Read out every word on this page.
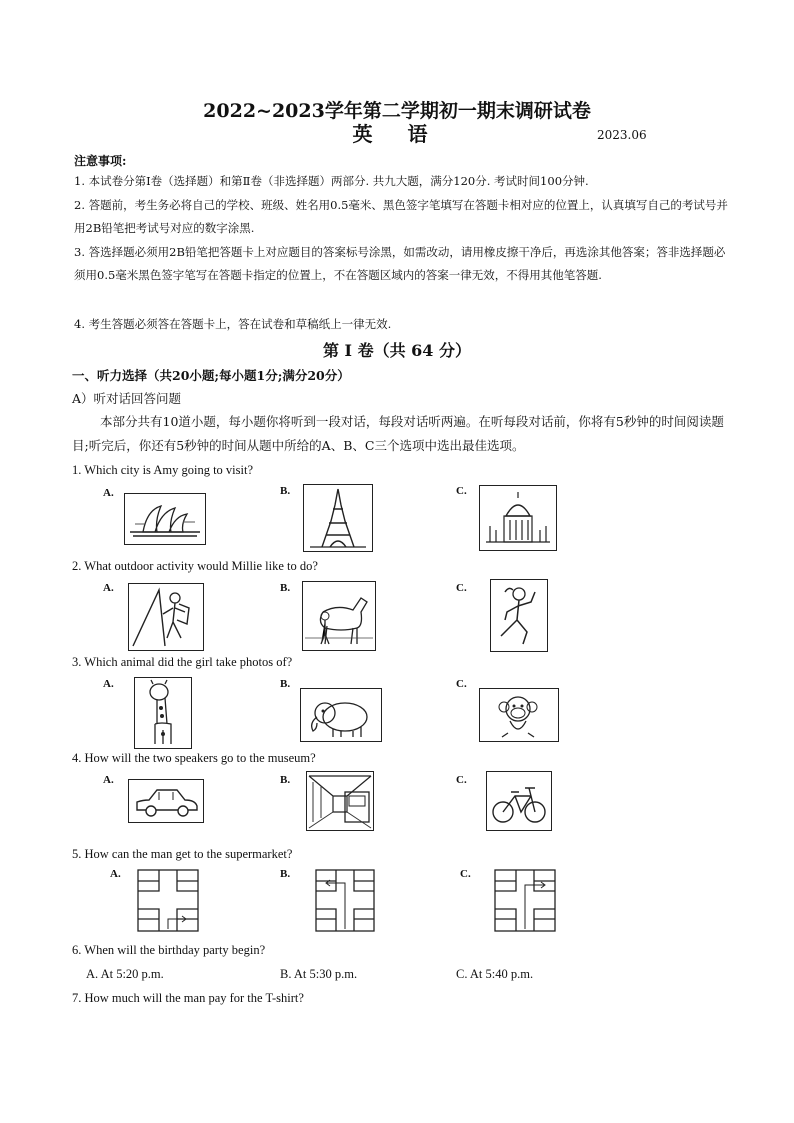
2022~2023学年第二学期初一期末调研试卷
英 语	2023.06
注意事项:
1. 本试卷分第Ⅰ卷（选择题）和第Ⅱ卷（非选择题）两部分. 共九大题，满分120分. 考试时间100分钟.
2. 答题前，考生务必将自己的学校、班级、姓名用0.5毫米、黑色签字笔填写在答题卡相对应的位置上，认真填写自己的考试号并用2B铅笔把考试号对应的数字涂黑.
3. 答选择题必须用2B铅笔把答题卡上对应题目的答案标号涂黑，如需改动，请用橡皮擦干净后，再选涂其他答案；答非选择题必须用0.5毫米黑色签字笔写在答题卡指定的位置上，不在答题区域内的答案一律无效，不得用其他笔答题.
4. 考生答题必须答在答题卡上，答在试卷和草稿纸上一律无效.
第 I 卷（共 64 分）
一、听力选择（共20小题;每小题1分;满分20分）
A）听对话回答问题
本部分共有10道小题，每小题你将听到一段对话，每段对话听两遍。在听每段对话前，你将有5秒钟的时间阅读题目;听完后，你还有5秒钟的时间从题中所给的A、B、C三个选项中选出最佳选项。
1. Which city is Amy going to visit?
A.	B.	C.
2. What outdoor activity would Millie like to do?
A.	B.	C.
3. Which animal did the girl take photos of?
A.	B.	C.
4. How will the two speakers go to the museum?
A.	B.	C.
5. How can the man get to the supermarket?
A.	B.	C.
6. When will the birthday party begin?
A. At 5:20 p.m.	B. At 5:30 p.m.	C. At 5:40 p.m.
7. How much will the man pay for the T-shirt?
